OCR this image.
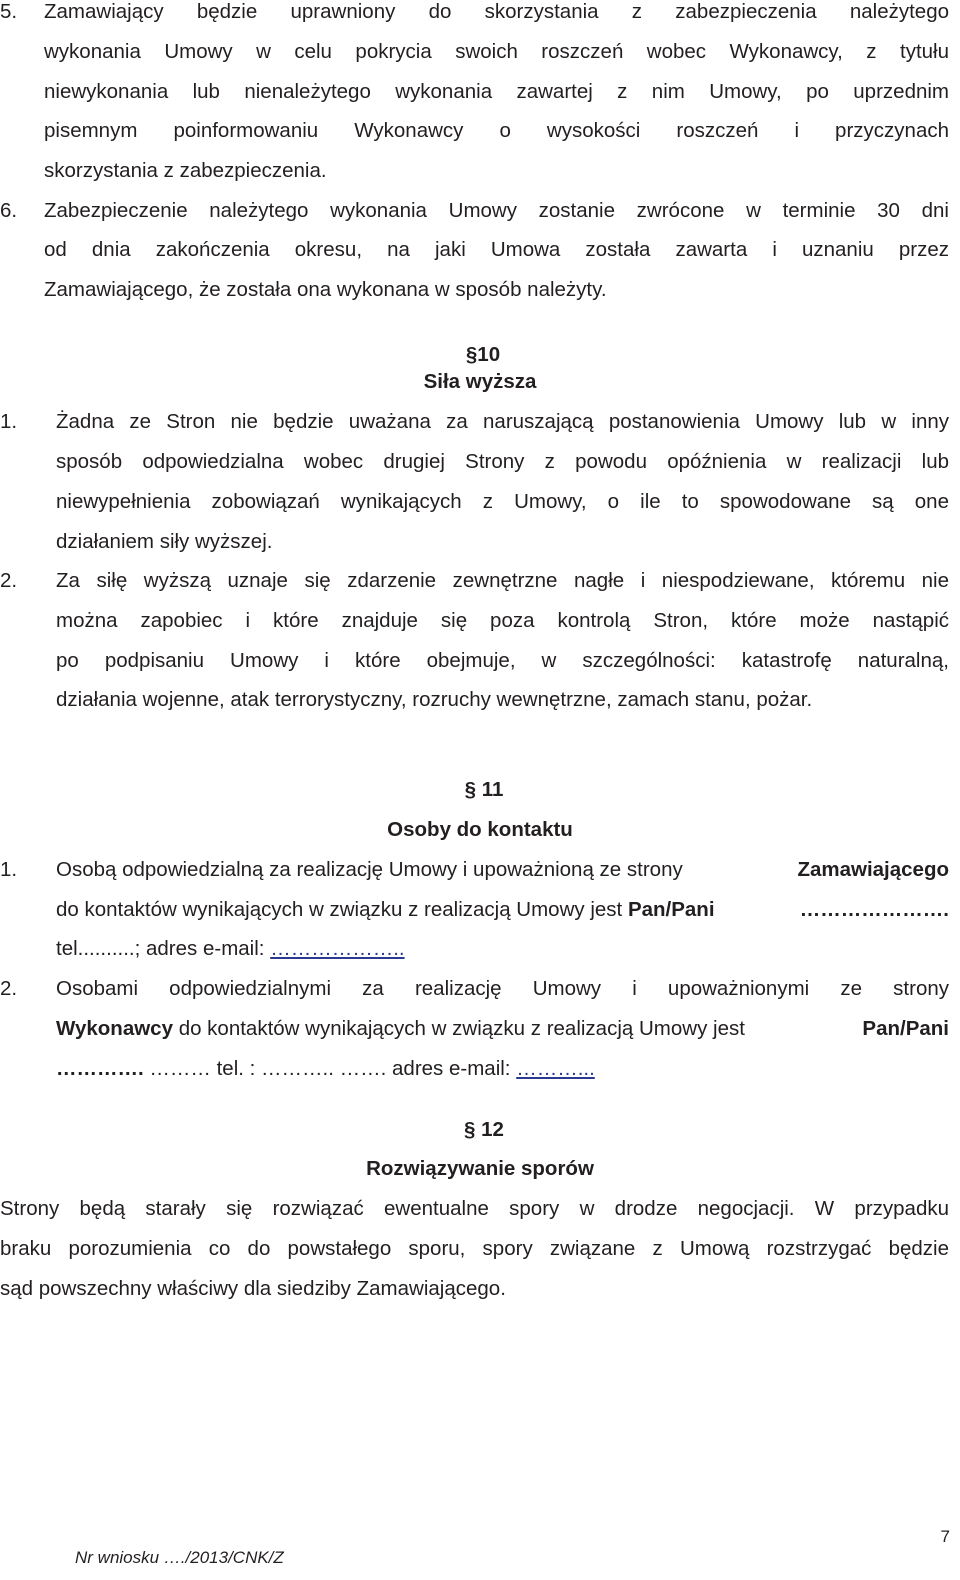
5. Zamawiający będzie uprawniony do skorzystania z zabezpieczenia należytego
wykonania Umowy w celu pokrycia swoich roszczeń wobec Wykonawcy, z tytułu
niewykonania lub nienależytego wykonania zawartej z nim Umowy, po uprzednim
pisemnym poinformowaniu Wykonawcy o wysokości roszczeń i przyczynach
skorzystania z zabezpieczenia.
6. Zabezpieczenie należytego wykonania Umowy zostanie zwrócone w terminie 30 dni
od dnia zakończenia okresu, na jaki Umowa została zawarta i uznaniu przez
Zamawiającego, że została ona wykonana w sposób należyty.
§10
Siła wyższa
1. Żadna ze Stron nie będzie uważana za naruszającą postanowienia Umowy lub w inny
sposób odpowiedzialna wobec drugiej Strony z powodu opóźnienia w realizacji lub
niewypełnienia zobowiązań wynikających z Umowy, o ile to spowodowane są one
działaniem siły wyższej.
2. Za siłę wyższą uznaje się zdarzenie zewnętrzne nagłe i niespodziewane, któremu nie
można zapobiec i które znajduje się poza kontrolą Stron, które może nastąpić
po podpisaniu Umowy i które obejmuje, w szczególności: katastrofę naturalną,
działania wojenne, atak terrorystyczny, rozruchy wewnętrzne, zamach stanu, pożar.
§ 11
Osoby do kontaktu
1. Osobą odpowiedzialną za realizację Umowy i upoważnioną ze strony	Zamawiającego
do kontaktów wynikających w związku z realizacją Umowy jest Pan/Pani	………………….
tel..........; adres e-mail: ………………..
2. Osobami odpowiedzialnymi za realizację Umowy i upoważnionymi ze strony
Wykonawcy do kontaktów wynikających w związku z realizacją Umowy jest	Pan/Pani
…………. ……… tel. : ……….. ……. adres e-mail: ………...
§ 12
Rozwiązywanie sporów
Strony będą starały się rozwiązać ewentualne spory w drodze negocjacji. W przypadku
braku porozumienia co do powstałego sporu, spory związane z Umową rozstrzygać będzie
sąd powszechny właściwy dla siedziby Zamawiającego.
7
Nr wniosku …./2013/CNK/Z
